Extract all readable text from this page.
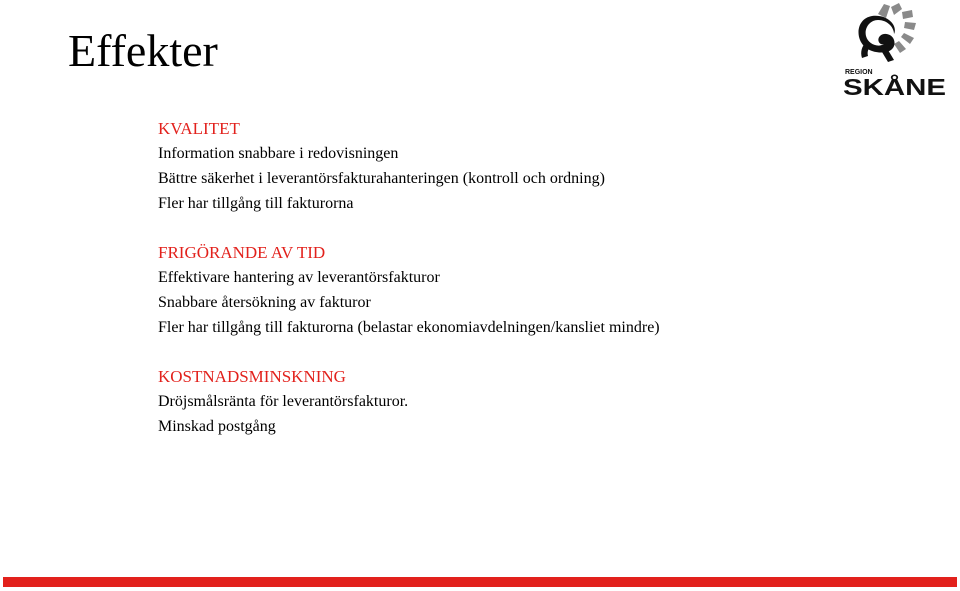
Effekter	REGION
SKÅNE
KVALITET
Information snabbare i redovisningen
Bättre säkerhet i leverantörsfakturahanteringen (kontroll och ordning)
Fler har tillgång till fakturorna
FRIGÖRANDE AV TID
Effektivare hantering av leverantörsfakturor
Snabbare återsökning av fakturor
Fler har tillgång till fakturorna (belastar ekonomiavdelningen/kansliet mindre)
KOSTNADSMINSKNING
Dröjsmålsränta för leverantörsfakturor.
Minskad postgång
